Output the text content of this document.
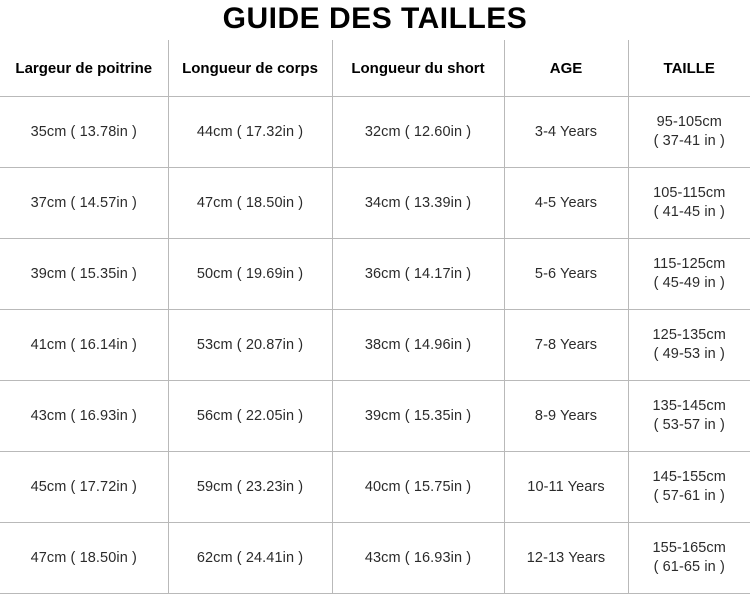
GUIDE DES TAILLES
Largeur de poitrine	Longueur de corps	Longueur du short	AGE	TAILLE
35cm ( 13.78in )	44cm ( 17.32in )	32cm ( 12.60in )	3-4 Years	95-105cm
( 37-41 in )

37cm ( 14.57in )	47cm ( 18.50in )	34cm ( 13.39in )	4-5 Years	105-115cm
( 41-45 in )

39cm ( 15.35in )	50cm ( 19.69in )	36cm ( 14.17in )	5-6 Years	115-125cm
( 45-49 in )

41cm ( 16.14in )	53cm ( 20.87in )	38cm ( 14.96in )	7-8 Years	125-135cm
( 49-53 in )

43cm ( 16.93in )	56cm ( 22.05in )	39cm ( 15.35in )	8-9 Years	135-145cm
( 53-57 in )

45cm ( 17.72in )	59cm ( 23.23in )	40cm ( 15.75in )	10-11 Years	145-155cm
( 57-61 in )

47cm ( 18.50in )	62cm ( 24.41in )	43cm ( 16.93in )	12-13 Years	155-165cm
( 61-65 in )
